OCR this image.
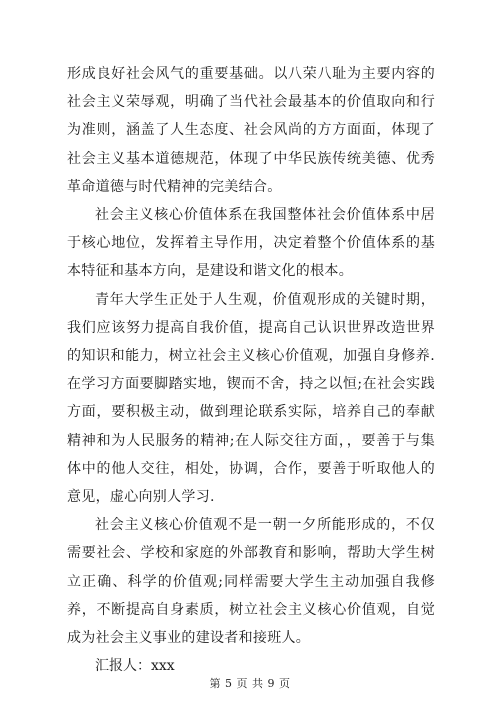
形成良好社会风气的重要基础。以八荣八耻为主要内容的社会主义荣辱观，明确了当代社会最基本的价值取向和行为准则，涵盖了人生态度、社会风尚的方方面面，体现了社会主义基本道德规范，体现了中华民族传统美德、优秀革命道德与时代精神的完美结合。

社会主义核心价值体系在我国整体社会价值体系中居于核心地位，发挥着主导作用，决定着整个价值体系的基本特征和基本方向，是建设和谐文化的根本。

青年大学生正处于人生观，价值观形成的关键时期，我们应该努力提高自我价值，提高自己认识世界改造世界的知识和能力，树立社会主义核心价值观，加强自身修养.在学习方面要脚踏实地，锲而不舍，持之以恒;在社会实践方面，要积极主动，做到理论联系实际，培养自己的奉献精神和为人民服务的精神;在人际交往方面，，要善于与集体中的他人交往，相处，协调，合作，要善于听取他人的意见，虚心向别人学习.

社会主义核心价值观不是一朝一夕所能形成的，不仅需要社会、学校和家庭的外部教育和影响，帮助大学生树立正确、科学的价值观;同样需要大学生主动加强自我修养，不断提高自身素质，树立社会主义核心价值观，自觉成为社会主义事业的建设者和接班人。

汇报人：xxx

第 5 页 共 9 页
